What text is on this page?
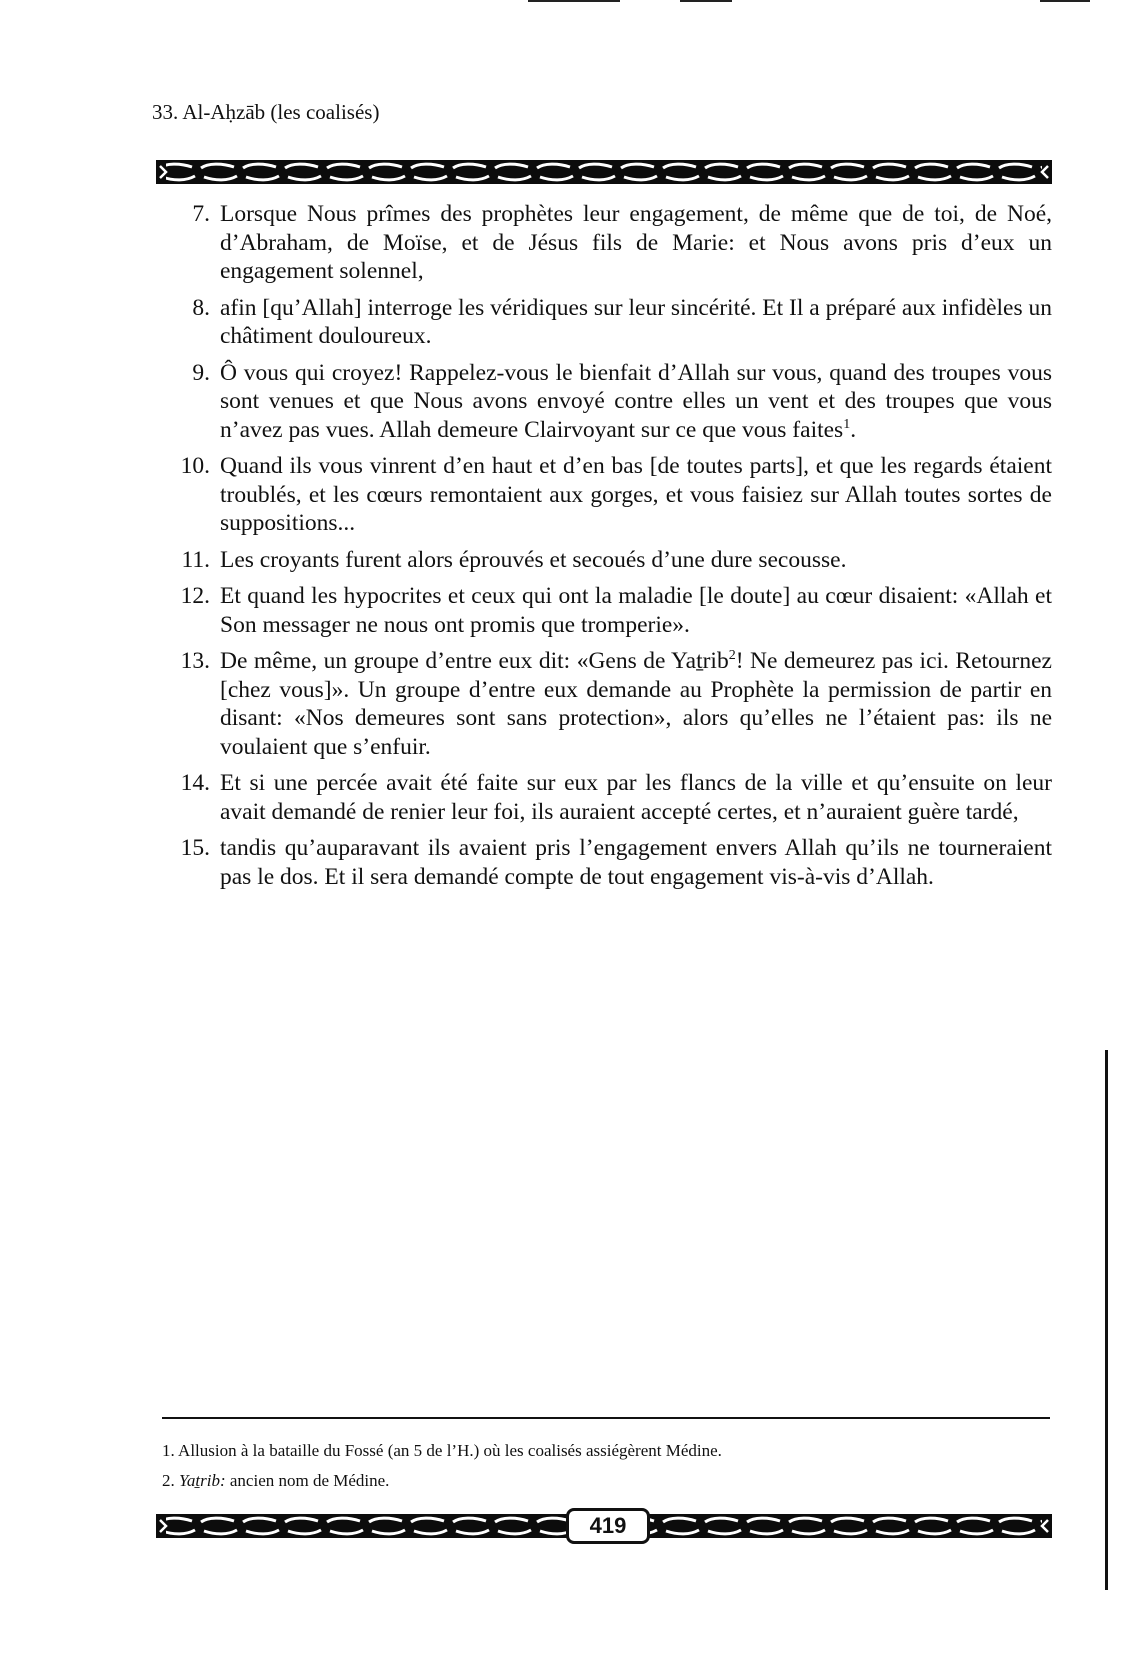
33. Al-Aḥzāb (les coalisés)
7. Lorsque Nous prîmes des prophètes leur engagement, de même que de toi, de Noé, d’Abraham, de Moïse, et de Jésus fils de Marie: et Nous avons pris d’eux un engagement solennel,
8. afin [qu’Allah] interroge les véridiques sur leur sincérité. Et Il a préparé aux infidèles un châtiment douloureux.
9. Ô vous qui croyez! Rappelez-vous le bienfait d’Allah sur vous, quand des troupes vous sont venues et que Nous avons envoyé contre elles un vent et des troupes que vous n’avez pas vues. Allah demeure Clairvoyant sur ce que vous faites$^1$.
10. Quand ils vous vinrent d’en haut et d’en bas [de toutes parts], et que les regards étaient troublés, et les cœurs remontaient aux gorges, et vous faisiez sur Allah toutes sortes de suppositions...
11. Les croyants furent alors éprouvés et secoués d’une dure secousse.
12. Et quand les hypocrites et ceux qui ont la maladie [le doute] au cœur disaient: «Allah et Son messager ne nous ont promis que tromperie».
13. De même, un groupe d’entre eux dit: «Gens de Yaṯrib$^2$! Ne demeurez pas ici. Retournez [chez vous]». Un groupe d’entre eux demande au Prophète la permission de partir en disant: «Nos demeures sont sans protection», alors qu’elles ne l’étaient pas: ils ne voulaient que s’enfuir.
14. Et si une percée avait été faite sur eux par les flancs de la ville et qu’ensuite on leur avait demandé de renier leur foi, ils auraient accepté certes, et n’auraient guère tardé,
15. tandis qu’auparavant ils avaient pris l’engagement envers Allah qu’ils ne tourneraient pas le dos. Et il sera demandé compte de tout engagement vis-à-vis d’Allah.
1. Allusion à la bataille du Fossé (an 5 de l’H.) où les coalisés assiégèrent Médine.
2. Yaṯrib: ancien nom de Médine.
419
